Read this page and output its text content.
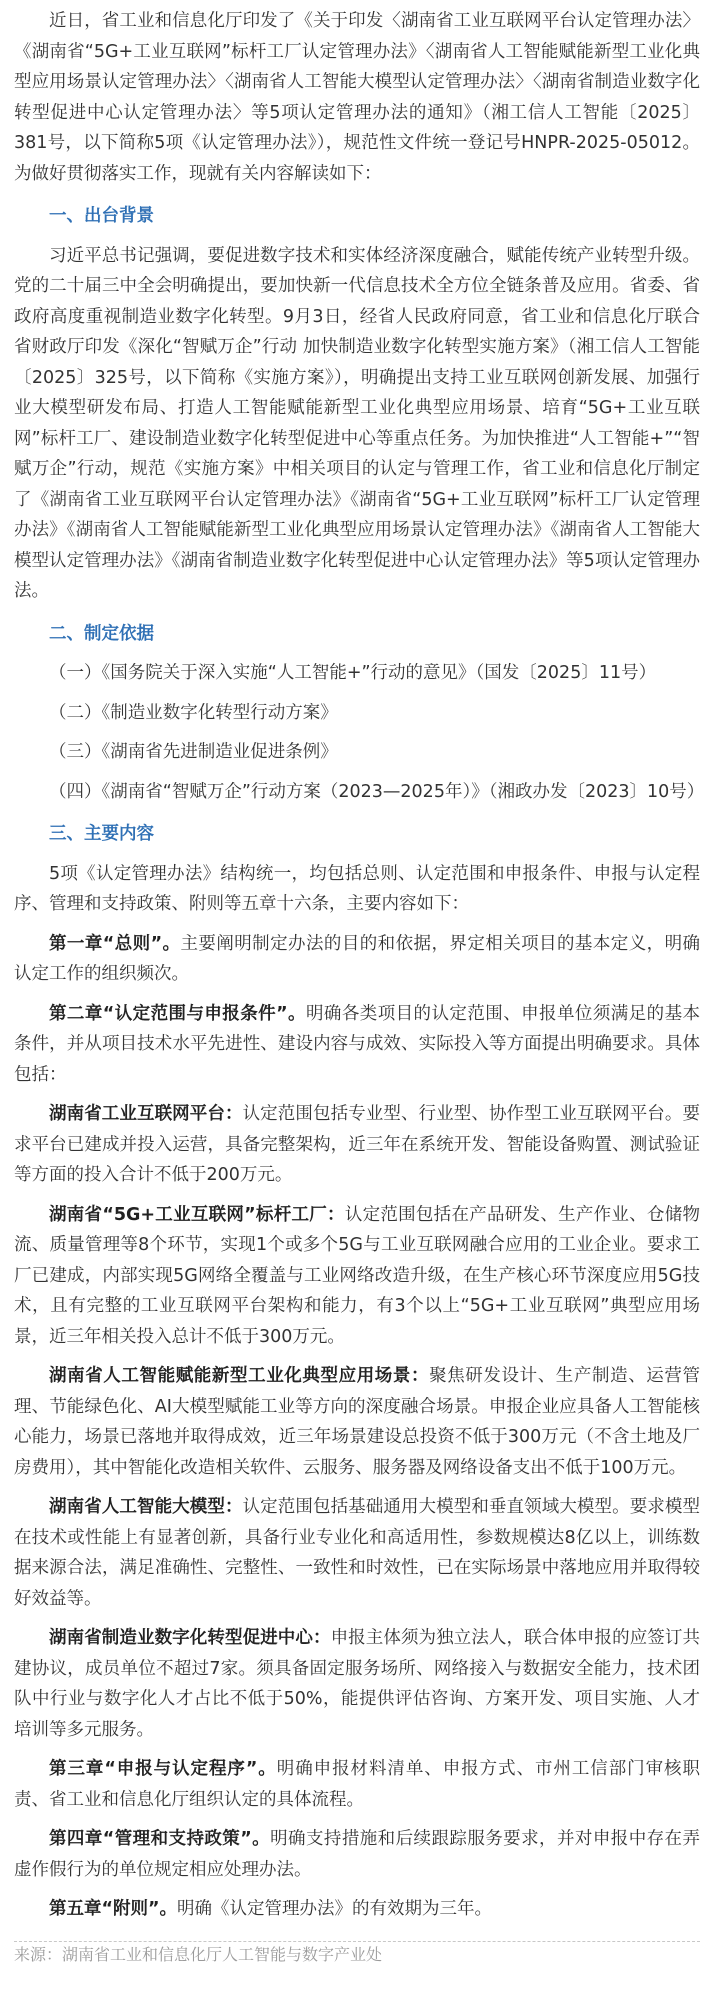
近日，省工业和信息化厅印发了《关于印发〈湖南省工业互联网平台认定管理办法〉《湖南省“5G+工业互联网”标杆工厂认定管理办法》〈湖南省人工智能赋能新型工业化典型应用场景认定管理办法〉〈湖南省人工智能大模型认定管理办法〉〈湖南省制造业数字化转型促进中心认定管理办法〉等5项认定管理办法的通知》（湘工信人工智能〔2025〕381号，以下简称5项《认定管理办法》），规范性文件统一登记号HNPR-2025-05012。为做好贯彻落实工作，现就有关内容解读如下：

一、出台背景

习近平总书记强调，要促进数字技术和实体经济深度融合，赋能传统产业转型升级。党的二十届三中全会明确提出，要加快新一代信息技术全方位全链条普及应用。省委、省政府高度重视制造业数字化转型。9月3日，经省人民政府同意，省工业和信息化厅联合省财政厅印发《深化“智赋万企”行动 加快制造业数字化转型实施方案》（湘工信人工智能〔2025〕325号，以下简称《实施方案》），明确提出支持工业互联网创新发展、加强行业大模型研发布局、打造人工智能赋能新型工业化典型应用场景、培育“5G+工业互联网”标杆工厂、建设制造业数字化转型促进中心等重点任务。为加快推进“人工智能+”“智赋万企”行动，规范《实施方案》中相关项目的认定与管理工作，省工业和信息化厅制定了《湖南省工业互联网平台认定管理办法》《湖南省“5G+工业互联网”标杆工厂认定管理办法》《湖南省人工智能赋能新型工业化典型应用场景认定管理办法》《湖南省人工智能大模型认定管理办法》《湖南省制造业数字化转型促进中心认定管理办法》等5项认定管理办法。

二、制定依据

（一）《国务院关于深入实施“人工智能+”行动的意见》（国发〔2025〕11号）

（二）《制造业数字化转型行动方案》

（三）《湖南省先进制造业促进条例》

（四）《湖南省“智赋万企”行动方案（2023—2025年）》（湘政办发〔2023〕10号）

三、主要内容

5项《认定管理办法》结构统一，均包括总则、认定范围和申报条件、申报与认定程序、管理和支持政策、附则等五章十六条，主要内容如下：

第一章“总则”。主要阐明制定办法的目的和依据，界定相关项目的基本定义，明确认定工作的组织频次。

第二章“认定范围与申报条件”。明确各类项目的认定范围、申报单位须满足的基本条件，并从项目技术水平先进性、建设内容与成效、实际投入等方面提出明确要求。具体包括：

湖南省工业互联网平台：认定范围包括专业型、行业型、协作型工业互联网平台。要求平台已建成并投入运营，具备完整架构，近三年在系统开发、智能设备购置、测试验证等方面的投入合计不低于200万元。

湖南省“5G+工业互联网”标杆工厂：认定范围包括在产品研发、生产作业、仓储物流、质量管理等8个环节，实现1个或多个5G与工业互联网融合应用的工业企业。要求工厂已建成，内部实现5G网络全覆盖与工业网络改造升级，在生产核心环节深度应用5G技术，且有完整的工业互联网平台架构和能力，有3个以上“5G+工业互联网”典型应用场景，近三年相关投入总计不低于300万元。

湖南省人工智能赋能新型工业化典型应用场景：聚焦研发设计、生产制造、运营管理、节能绿色化、AI大模型赋能工业等方向的深度融合场景。申报企业应具备人工智能核心能力，场景已落地并取得成效，近三年场景建设总投资不低于300万元（不含土地及厂房费用），其中智能化改造相关软件、云服务、服务器及网络设备支出不低于100万元。

湖南省人工智能大模型：认定范围包括基础通用大模型和垂直领域大模型。要求模型在技术或性能上有显著创新，具备行业专业化和高适用性，参数规模达8亿以上，训练数据来源合法，满足准确性、完整性、一致性和时效性，已在实际场景中落地应用并取得较好效益等。

湖南省制造业数字化转型促进中心：申报主体须为独立法人，联合体申报的应签订共建协议，成员单位不超过7家。须具备固定服务场所、网络接入与数据安全能力，技术团队中行业与数字化人才占比不低于50%，能提供评估咨询、方案开发、项目实施、人才培训等多元服务。

第三章“申报与认定程序”。明确申报材料清单、申报方式、市州工信部门审核职责、省工业和信息化厅组织认定的具体流程。

第四章“管理和支持政策”。明确支持措施和后续跟踪服务要求，并对申报中存在弄虚作假行为的单位规定相应处理办法。

第五章“附则”。明确《认定管理办法》的有效期为三年。

来源：湖南省工业和信息化厅人工智能与数字产业处
